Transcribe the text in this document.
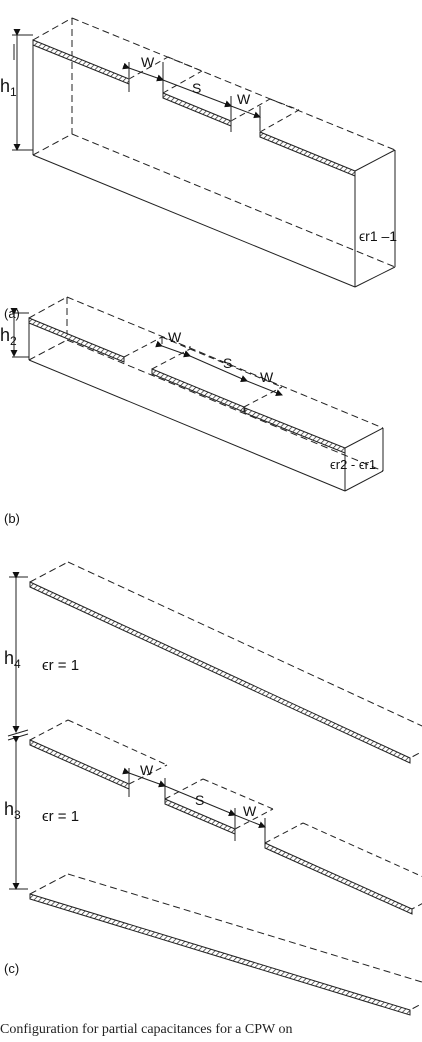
$h_1$
W
S
W
ϵr1 –1
(a)
$h_2$	W
S
W
ϵr2 - ϵr1
(b)
$h_4$ ϵr = 1
$h_3$ ϵr = 1
W
S
W
(c)
Configuration for partial capacitances for a CPW on
